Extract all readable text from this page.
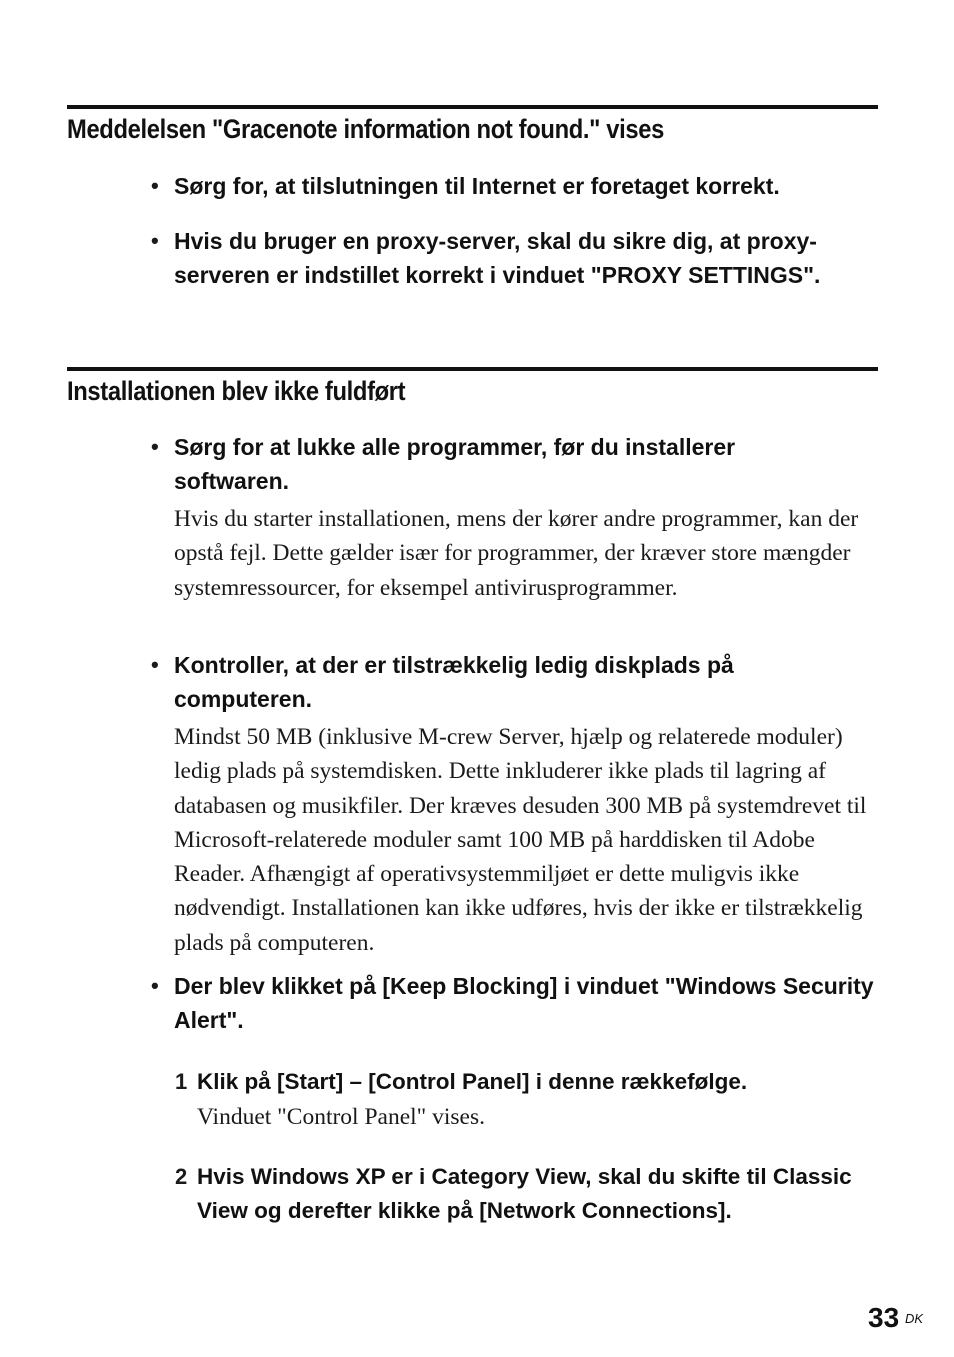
Meddelelsen "Gracenote information not found." vises
• Sørg for, at tilslutningen til Internet er foretaget korrekt.
• Hvis du bruger en proxy-server, skal du sikre dig, at proxy-serveren er indstillet korrekt i vinduet "PROXY SETTINGS".
Installationen blev ikke fuldført
• Sørg for at lukke alle programmer, før du installerer softwaren.
Hvis du starter installationen, mens der kører andre programmer, kan der opstå fejl. Dette gælder især for programmer, der kræver store mængder systemressourcer, for eksempel antivirusprogrammer.
• Kontroller, at der er tilstrækkelig ledig diskplads på computeren.
Mindst 50 MB (inklusive M-crew Server, hjælp og relaterede moduler) ledig plads på systemdisken. Dette inkluderer ikke plads til lagring af databasen og musikfiler. Der kræves desuden 300 MB på systemdrevet til Microsoft-relaterede moduler samt 100 MB på harddisken til Adobe Reader. Afhængigt af operativsystemmiljøet er dette muligvis ikke nødvendigt. Installationen kan ikke udføres, hvis der ikke er tilstrækkelig plads på computeren.
• Der blev klikket på [Keep Blocking] i vinduet "Windows Security Alert".
1 Klik på [Start] – [Control Panel] i denne rækkefølge.
Vinduet "Control Panel" vises.
2 Hvis Windows XP er i Category View, skal du skifte til Classic View og derefter klikke på [Network Connections].
33 DK
